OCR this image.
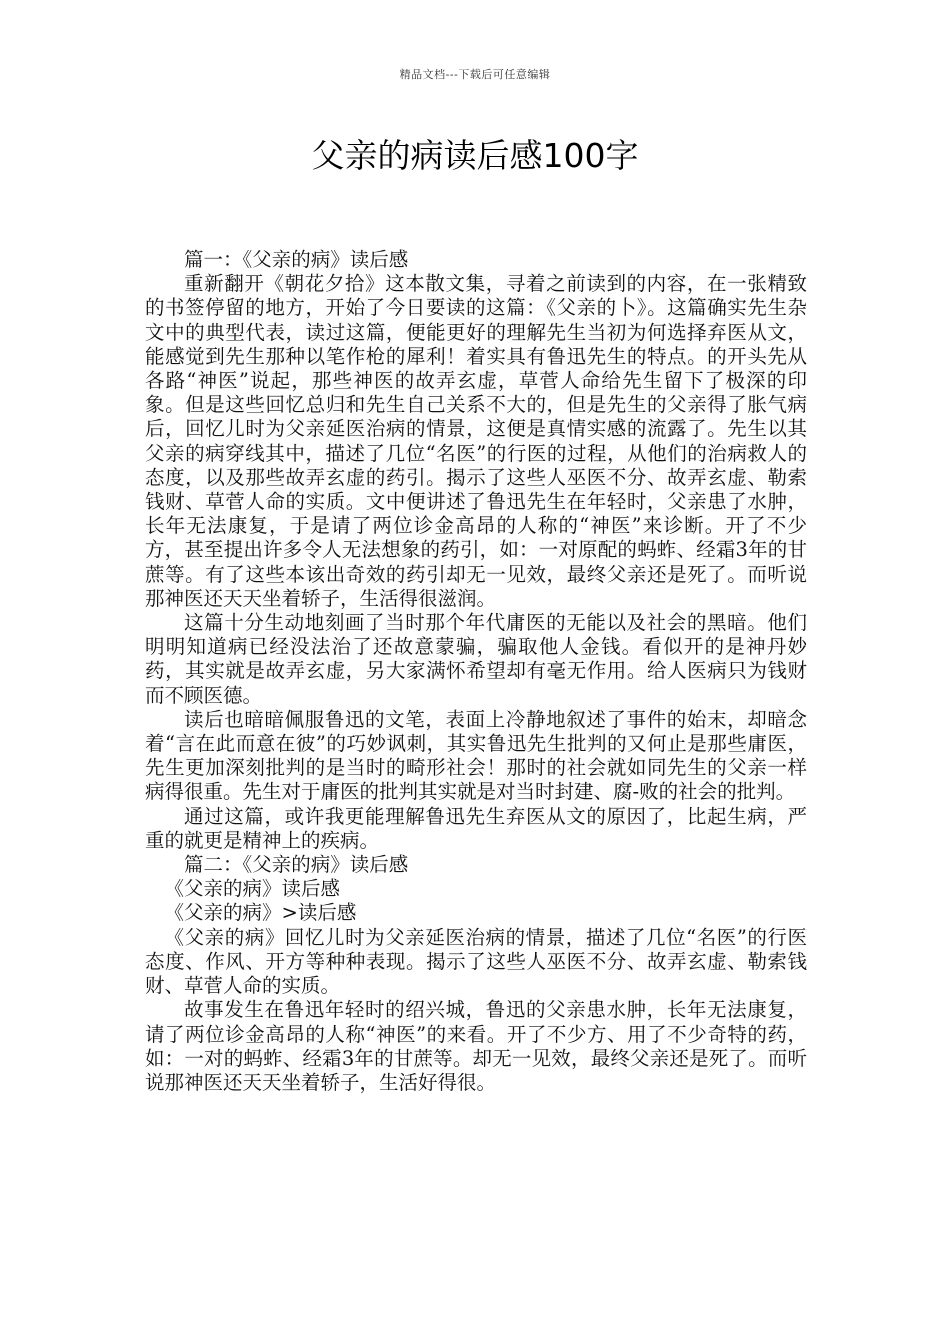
精品文档---下载后可任意编辑
父亲的病读后感100字

篇一：《父亲的病》读后感

重新翻开《朝花夕拾》这本散文集，寻着之前读到的内容，在一张精致的书签停留的地方，开始了今日要读的这篇：《父亲的卜》。这篇确实先生杂文中的典型代表，读过这篇，便能更好的理解先生当初为何选择弃医从文，能感觉到先生那种以笔作枪的犀利！着实具有鲁迅先生的特点。的开头先从各路“神医”说起，那些神医的故弄玄虚，草菅人命给先生留下了极深的印象。但是这些回忆总归和先生自己关系不大的，但是先生的父亲得了胀气病后，回忆儿时为父亲延医治病的情景，这便是真情实感的流露了。先生以其父亲的病穿线其中，描述了几位“名医”的行医的过程，从他们的治病救人的态度，以及那些故弄玄虚的药引。揭示了这些人巫医不分、故弄玄虚、勒索钱财、草菅人命的实质。文中便讲述了鲁迅先生在年轻时，父亲患了水肿，长年无法康复，于是请了两位诊金高昂的人称的“神医”来诊断。开了不少方，甚至提出许多令人无法想象的药引，如：一对原配的蚂蚱、经霜3年的甘蔗等。有了这些本该出奇效的药引却无一见效，最终父亲还是死了。而听说那神医还天天坐着轿子，生活得很滋润。

这篇十分生动地刻画了当时那个年代庸医的无能以及社会的黑暗。他们明明知道病已经没法治了还故意蒙骗，骗取他人金钱。看似开的是神丹妙药，其实就是故弄玄虚，另大家满怀希望却有毫无作用。给人医病只为钱财而不顾医德。

读后也暗暗佩服鲁迅的文笔，表面上冷静地叙述了事件的始末，却暗念着“言在此而意在彼”的巧妙讽刺，其实鲁迅先生批判的又何止是那些庸医，先生更加深刻批判的是当时的畸形社会！那时的社会就如同先生的父亲一样病得很重。先生对于庸医的批判其实就是对当时封建、腐-败的社会的批判。

通过这篇，或许我更能理解鲁迅先生弃医从文的原因了，比起生病，严重的就更是精神上的疾病。

篇二：《父亲的病》读后感

《父亲的病》读后感

《父亲的病》>读后感

《父亲的病》回忆儿时为父亲延医治病的情景，描述了几位“名医”的行医态度、作风、开方等种种表现。揭示了这些人巫医不分、故弄玄虚、勒索钱财、草菅人命的实质。

故事发生在鲁迅年轻时的绍兴城，鲁迅的父亲患水肿，长年无法康复，请了两位诊金高昂的人称“神医”的来看。开了不少方、用了不少奇特的药，如：一对的蚂蚱、经霜3年的甘蔗等。却无一见效，最终父亲还是死了。而听说那神医还天天坐着轿子，生活好得很。
